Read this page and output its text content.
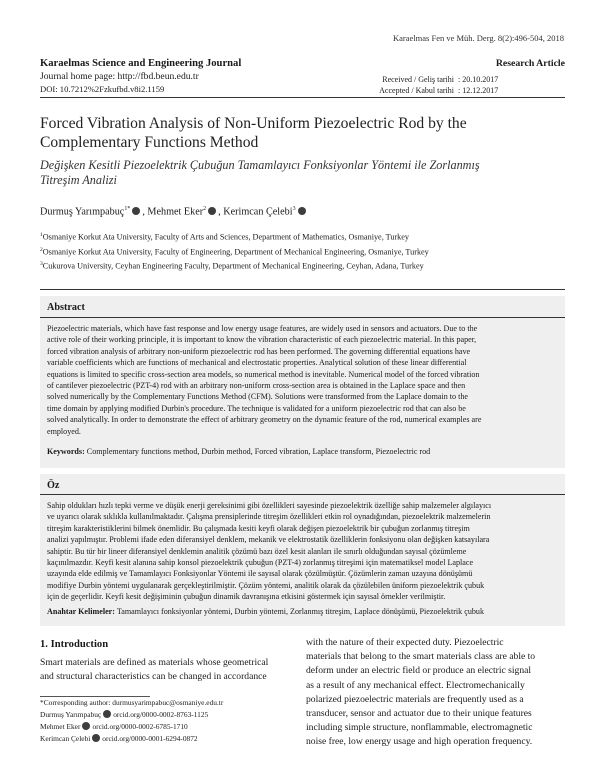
Karaelmas Fen ve Müh. Derg. 8(2):496-504, 2018
Karaelmas Science and Engineering Journal
Journal home page: http://fbd.beun.edu.tr
DOI: 10.7212%2Fzkufbd.v8i2.1159
Research Article
Received / Geliş tarihi : 20.10.2017
Accepted / Kabul tarihi : 12.12.2017
Forced Vibration Analysis of Non-Uniform Piezoelectric Rod by the
Complementary Functions Method
Değişken Kesitli Piezoelektrik Çubuğun Tamamlayıcı Fonksiyonlar Yöntemi ile Zorlanmış
Titreşim Analizi
Durmuş Yarımpabuç$^{1*}$ , Mehmet Eker$^2$ , Kerimcan Çelebi$^3$
$^1$Osmaniye Korkut Ata University, Faculty of Arts and Sciences, Department of Mathematics, Osmaniye, Turkey
$^2$Osmaniye Korkut Ata University, Faculty of Engineering, Department of Mechanical Engineering, Osmaniye, Turkey
$^3$Cukurova University, Ceyhan Engineering Faculty, Department of Mechanical Engineering, Ceyhan, Adana, Turkey
Abstract
Piezoelectric materials, which have fast response and low energy usage features, are widely used in sensors and actuators. Due to the
active role of their working principle, it is important to know the vibration characteristic of each piezoelectric material. In this paper,
forced vibration analysis of arbitrary non-uniform piezoelectric rod has been performed. The governing differential equations have
variable coefficients which are functions of mechanical and electrostatic properties. Analytical solution of these linear differential
equations is limited to specific cross-section area models, so numerical method is inevitable. Numerical model of the forced vibration
of cantilever piezoelectric (PZT-4) rod with an arbitrary non-uniform cross-section area is obtained in the Laplace space and then
solved numerically by the Complementary Functions Method (CFM). Solutions were transformed from the Laplace domain to the
time domain by applying modified Durbin's procedure. The technique is validated for a uniform piezoelectric rod that can also be
solved analytically. In order to demonstrate the effect of arbitrary geometry on the dynamic feature of the rod, numerical examples are
employed.
Keywords: Complementary functions method, Durbin method, Forced vibration, Laplace transform, Piezoelectric rod
Öz
Sahip oldukları hızlı tepki verme ve düşük enerji gereksinimi gibi özellikleri sayesinde piezoelektrik özelliğe sahip malzemeler algılayıcı
ve uyarıcı olarak sıklıkla kullanılmaktadır. Çalışma prensiplerinde titreşim özellikleri etkin rol oynadığından, piezoelektrik malzemelerin
titreşim karakteristiklerini bilmek önemlidir. Bu çalışmada kesiti keyfi olarak değişen piezoelektrik bir çubuğun zorlanmış titreşim
analizi yapılmıştır. Problemi ifade eden diferansiyel denklem, mekanik ve elektrostatik özelliklerin fonksiyonu olan değişken katsayılara
sahiptir. Bu tür bir lineer diferansiyel denklemin analitik çözümü bazı özel kesit alanları ile sınırlı olduğundan sayısal çözümleme
kaçınılmazdır. Keyfi kesit alanına sahip konsol piezoelektrik çubuğun (PZT-4) zorlanmış titreşimi için matematiksel model Laplace
uzayında elde edilmiş ve Tamamlayıcı Fonksiyonlar Yöntemi ile sayısal olarak çözülmüştür. Çözümlerin zaman uzayına dönüşümü
modifiye Durbin yöntemi uygulanarak gerçekleştirilmiştir. Çözüm yöntemi, analitik olarak da çözülebilen üniform piezoelektrik çubuk
için de geçerlidir. Keyfi kesit değişiminin çubuğun dinamik davranışına etkisini göstermek için sayısal örnekler verilmiştir.
Anahtar Kelimeler: Tamamlayıcı fonksiyonlar yöntemi, Durbin yöntemi, Zorlanmış titreşim, Laplace dönüşümü, Piezoelektrik çubuk
1. Introduction
Smart materials are defined as materials whose geometrical
and structural characteristics can be changed in accordance
with the nature of their expected duty. Piezoelectric
materials that belong to the smart materials class are able to
deform under an electric field or produce an electric signal
as a result of any mechanical effect. Electromechanically
polarized piezoelectric materials are frequently used as a
transducer, sensor and actuator due to their unique features
including simple structure, nonflammable, electromagnetic
noise free, low energy usage and high operation frequency.
*Corresponding author: durmusyarimpabuc@osmaniye.edu.tr
Durmuş Yarımpabuç orcid.org/0000-0002-8763-1125
Mehmet Eker orcid.org/0000-0002-6785-1710
Kerimcan Çelebi orcid.org/0000-0001-6294-0872
